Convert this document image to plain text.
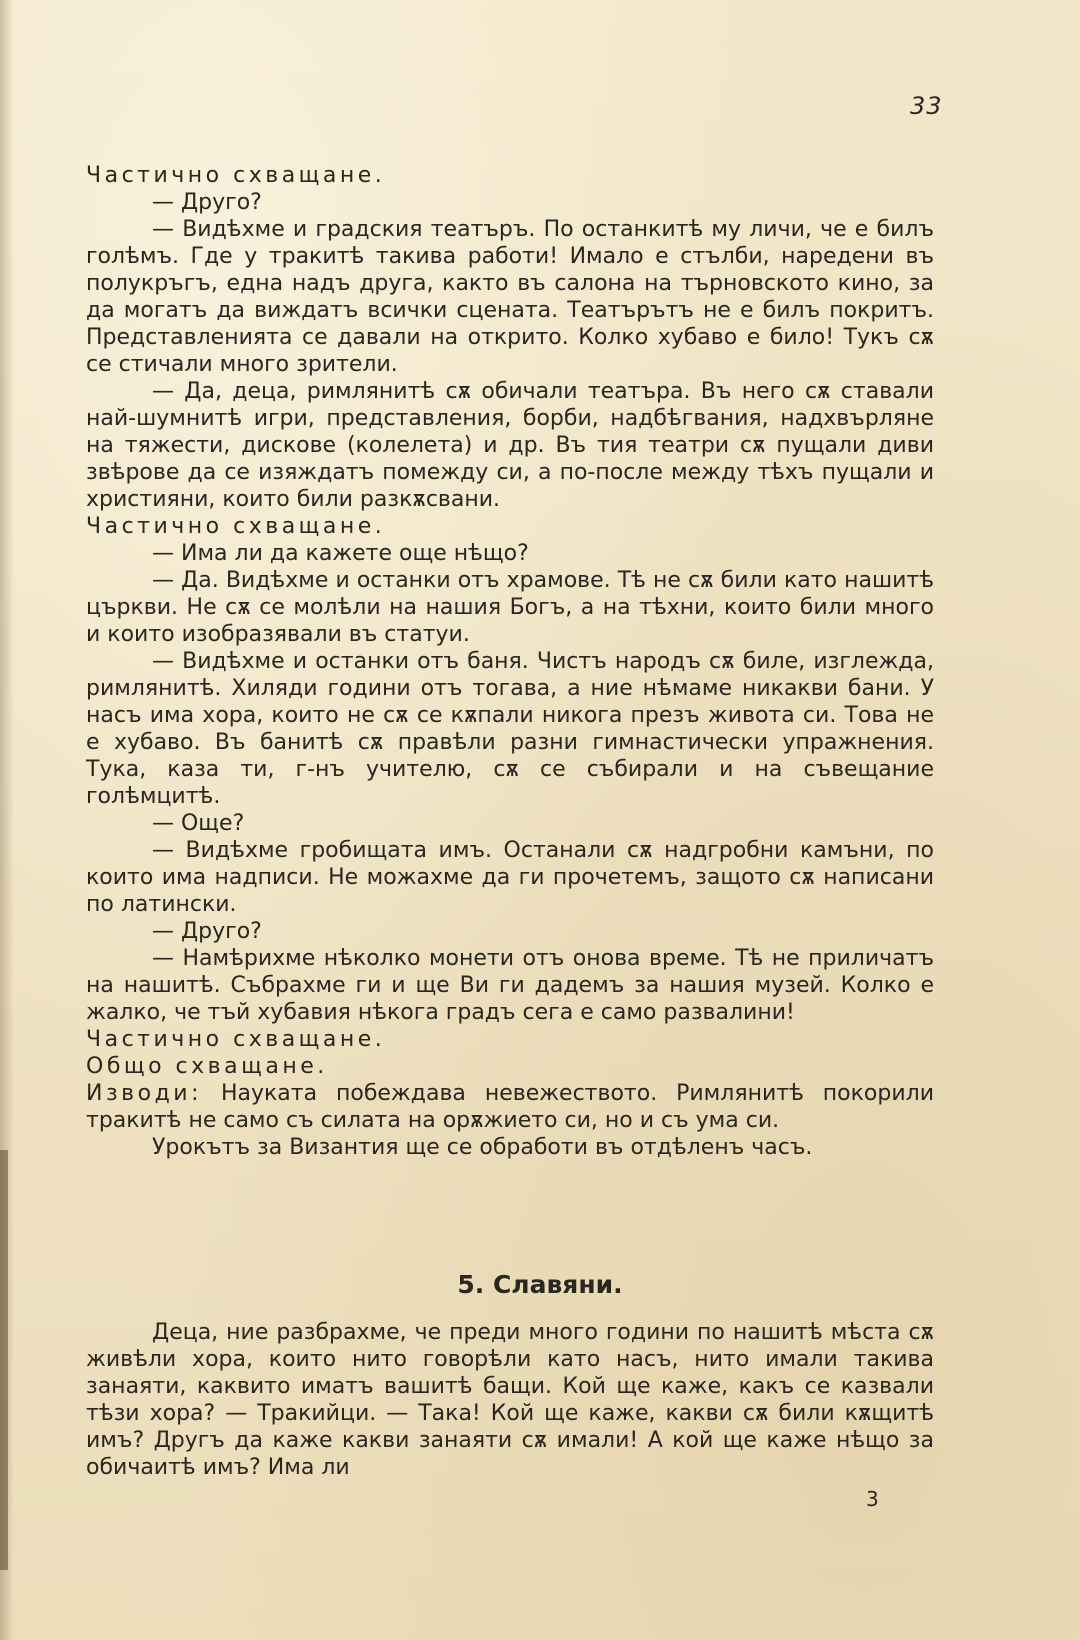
33

Частично схващане.

— Друго?

— Видѣхме и градския театъръ. По останкитѣ му личи, че е билъ голѣмъ. Где у тракитѣ такива работи! Имало е стълби, наредени въ полукръгъ, една надъ друга, както въ салона на търновското кино, за да могатъ да виждатъ всички сцената. Театърътъ не е билъ покритъ. Представленията се давали на открито. Колко хубаво е било! Тукъ сѫ се стичали много зрители.

— Да, деца, римлянитѣ сѫ обичали театъра. Въ него сѫ ставали най-шумнитѣ игри, представления, борби, надбѣгвания, надхвърляне на тяжести, дискове (колелета) и др. Въ тия театри сѫ пущали диви звѣрове да се изяждатъ помежду си, а по-после между тѣхъ пущали и християни, които били разкѫсвани.

Частично схващане.

— Има ли да кажете още нѣщо?

— Да. Видѣхме и останки отъ храмове. Тѣ не сѫ били като нашитѣ църкви. Не сѫ се молѣли на нашия Богъ, а на тѣхни, които били много и които изобразявали въ статуи.

— Видѣхме и останки отъ баня. Чистъ народъ сѫ биле, изглежда, римлянитѣ. Хиляди години отъ тогава, а ние нѣмаме никакви бани. У насъ има хора, които не сѫ се кѫпали никога презъ живота си. Това не е хубаво. Въ банитѣ сѫ правѣли разни гимнастически упражнения. Тука, каза ти, г-нъ учителю, сѫ се събирали и на съвещание голѣмцитѣ.

— Още?

— Видѣхме гробищата имъ. Останали сѫ надгробни камъни, по които има надписи. Не можахме да ги прочетемъ, защото сѫ написани по латински.

— Друго?

— Намѣрихме нѣколко монети отъ онова време. Тѣ не приличатъ на нашитѣ. Събрахме ги и ще Ви ги дадемъ за нашия музей. Колко е жалко, че тъй хубавия нѣкога градъ сега е само развалини!

Частично схващане.

Общо схващане.

Изводи: Науката побеждава невежеството. Римлянитѣ покорили тракитѣ не само съ силата на орѫжието си, но и съ ума си.

Урокътъ за Византия ще се обработи въ отдѣленъ часъ.

5. Славяни.

Деца, ние разбрахме, че преди много години по нашитѣ мѣста сѫ живѣли хора, които нито говорѣли като насъ, нито имали такива занаяти, каквито иматъ вашитѣ бащи. Кой ще каже, какъ се казвали тѣзи хора? — Тракийци. — Така! Кой ще каже, какви сѫ били кѫщитѣ имъ? Другъ да каже какви занаяти сѫ имали! А кой ще каже нѣщо за обичаитѣ имъ? Има ли

3
